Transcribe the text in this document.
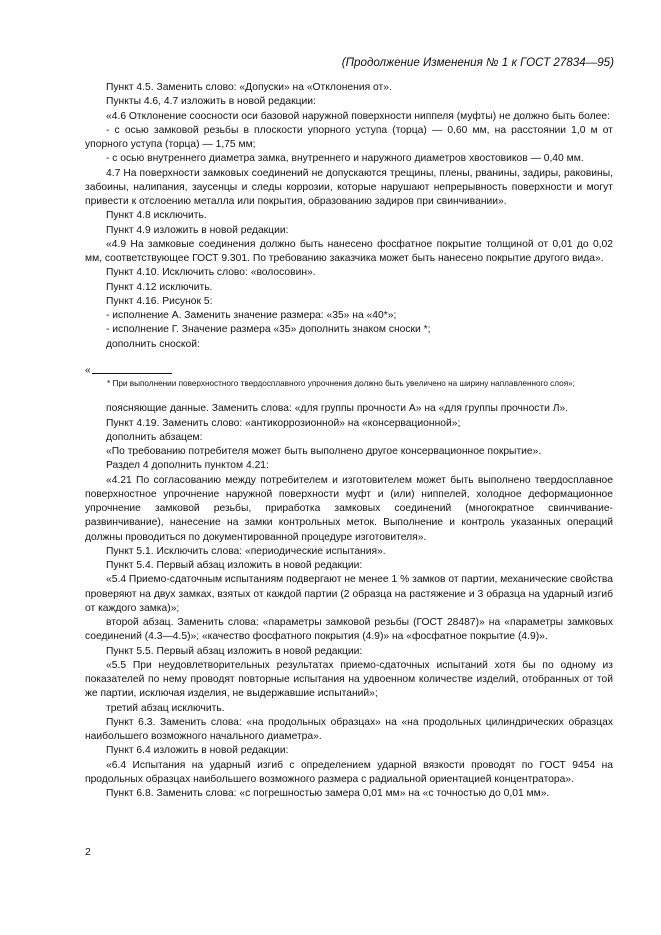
(Продолжение Изменения № 1 к ГОСТ 27834—95)

Пункт 4.5. Заменить слово: «Допуски» на «Отклонения от».

Пункты 4.6, 4.7 изложить в новой редакции:

«4.6 Отклонение соосности оси базовой наружной поверхности ниппеля (муфты) не должно быть более:

- с осью замковой резьбы в плоскости упорного уступа (торца) — 0,60 мм, на расстоянии 1,0 м от упорного уступа (торца) — 1,75 мм;

- с осью внутреннего диаметра замка, внутреннего и наружного диаметров хвостовиков — 0,40 мм.

4.7 На поверхности замковых соединений не допускаются трещины, плены, рванины, задиры, раковины, забоины, налипания, заусенцы и следы коррозии, которые нарушают непрерывность поверхности и могут привести к отслоению металла или покрытия, образованию задиров при свинчивании».

Пункт 4.8 исключить.

Пункт 4.9 изложить в новой редакции:

«4.9 На замковые соединения должно быть нанесено фосфатное покрытие толщиной от 0,01 до 0,02 мм, соответствующее ГОСТ 9.301. По требованию заказчика может быть нанесено покрытие другого вида».

Пункт 4.10. Исключить слово: «волосовин».

Пункт 4.12 исключить.

Пункт 4.16. Рисунок 5:

- исполнение А. Заменить значение размера: «35» на «40*»;

- исполнение Г. Значение размера «35» дополнить знаком сноски *;

дополнить сноской:

«

* При выполнении поверхностного твердосплавного упрочнения должно быть увеличено на ширину наплавленного слоя»;

поясняющие данные. Заменить слова: «для группы прочности А» на «для группы прочности Л».

Пункт 4.19. Заменить слово: «антикоррозионной» на «консервационной»;

дополнить абзацем:

«По требованию потребителя может быть выполнено другое консервационное покрытие».

Раздел 4 дополнить пунктом 4.21:

«4.21 По согласованию между потребителем и изготовителем может быть выполнено твердосплавное поверхностное упрочнение наружной поверхности муфт и (или) ниппелей, холодное деформационное упрочнение замковой резьбы, приработка замковых соединений (многократное свинчивание-развинчивание), нанесение на замки контрольных меток. Выполнение и контроль указанных операций должны проводиться по документированной процедуре изготовителя».

Пункт 5.1. Исключить слова: «периодические испытания».

Пункт 5.4. Первый абзац изложить в новой редакции:

«5.4 Приемо-сдаточным испытаниям подвергают не менее 1 % замков от партии, механические свойства проверяют на двух замках, взятых от каждой партии (2 образца на растяжение и 3 образца на ударный изгиб от каждого замка)»;

второй абзац. Заменить слова: «параметры замковой резьбы (ГОСТ 28487)» на «параметры замковых соединений (4.3—4.5)»; «качество фосфатного покрытия (4.9)» на «фосфатное покрытие (4.9)».

Пункт 5.5. Первый абзац изложить в новой редакции:

«5.5 При неудовлетворительных результатах приемо-сдаточных испытаний хотя бы по одному из показателей по нему проводят повторные испытания на удвоенном количестве изделий, отобранных от той же партии, исключая изделия, не выдержавшие испытаний»;

третий абзац исключить.

Пункт 6.3. Заменить слова: «на продольных образцах» на «на продольных цилиндрических образцах наибольшего возможного начального диаметра».

Пункт 6.4 изложить в новой редакции:

«6.4 Испытания на ударный изгиб с определением ударной вязкости проводят по ГОСТ 9454 на продольных образцах наибольшего возможного размера с радиальной ориентацией концентратора».

Пункт 6.8. Заменить слова: «с погрешностью замера 0,01 мм» на «с точностью до 0,01 мм».

2
